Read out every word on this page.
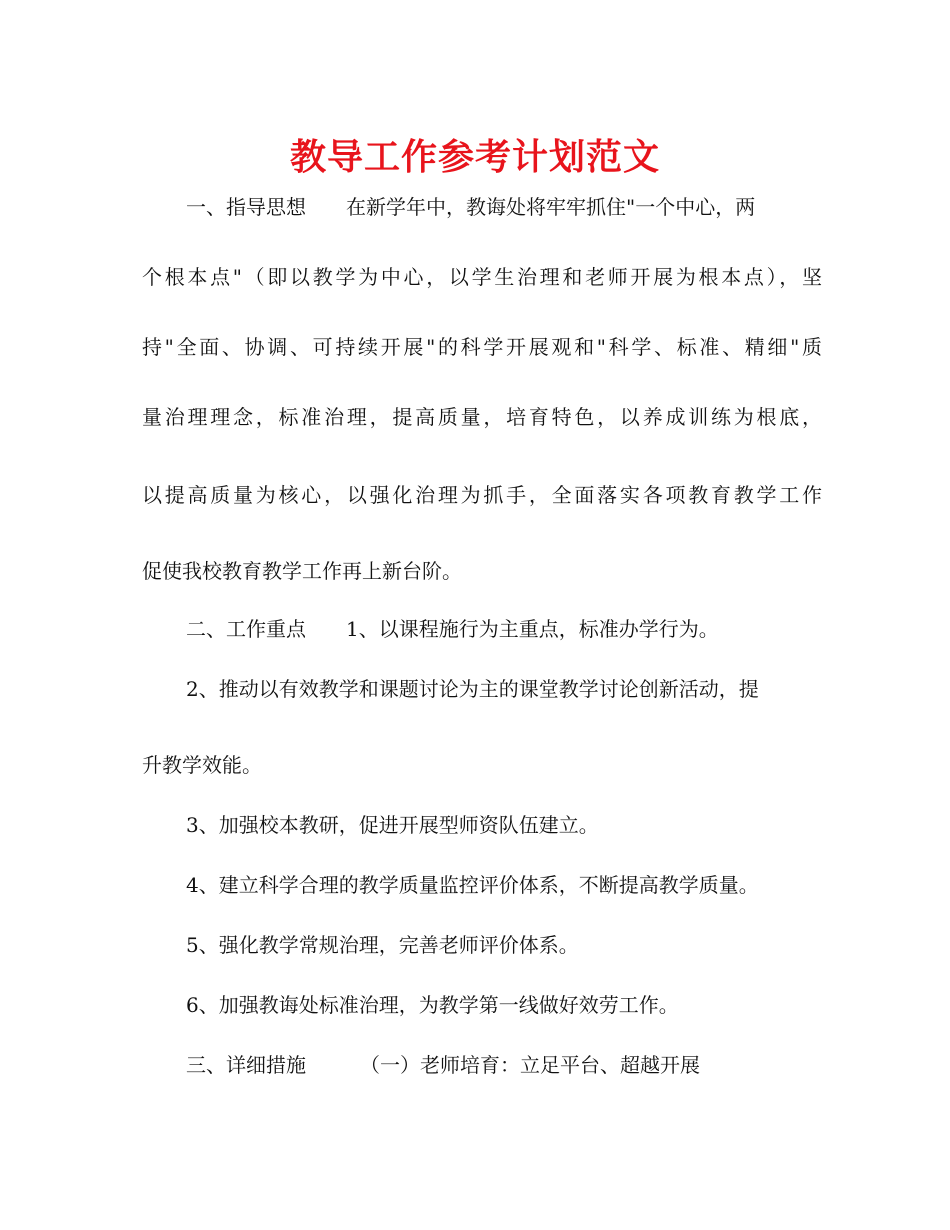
教导工作参考计划范文
一、指导思想 在新学年中，教诲处将牢牢抓住"一个中心，两
个根本点"（即以教学为中心，以学生治理和老师开展为根本点），坚
持"全面、协调、可持续开展"的科学开展观和"科学、标准、精细"质
量治理理念，标准治理，提高质量，培育特色，以养成训练为根底，
以提高质量为核心，以强化治理为抓手，全面落实各项教育教学工作
促使我校教育教学工作再上新台阶。
二、工作重点 1、以课程施行为主重点，标准办学行为。
2、推动以有效教学和课题讨论为主的课堂教学讨论创新活动，提
升教学效能。
3、加强校本教研，促进开展型师资队伍建立。
4、建立科学合理的教学质量监控评价体系，不断提高教学质量。
5、强化教学常规治理，完善老师评价体系。
6、加强教诲处标准治理，为教学第一线做好效劳工作。
三、详细措施	（一）老师培育：立足平台、超越开展
